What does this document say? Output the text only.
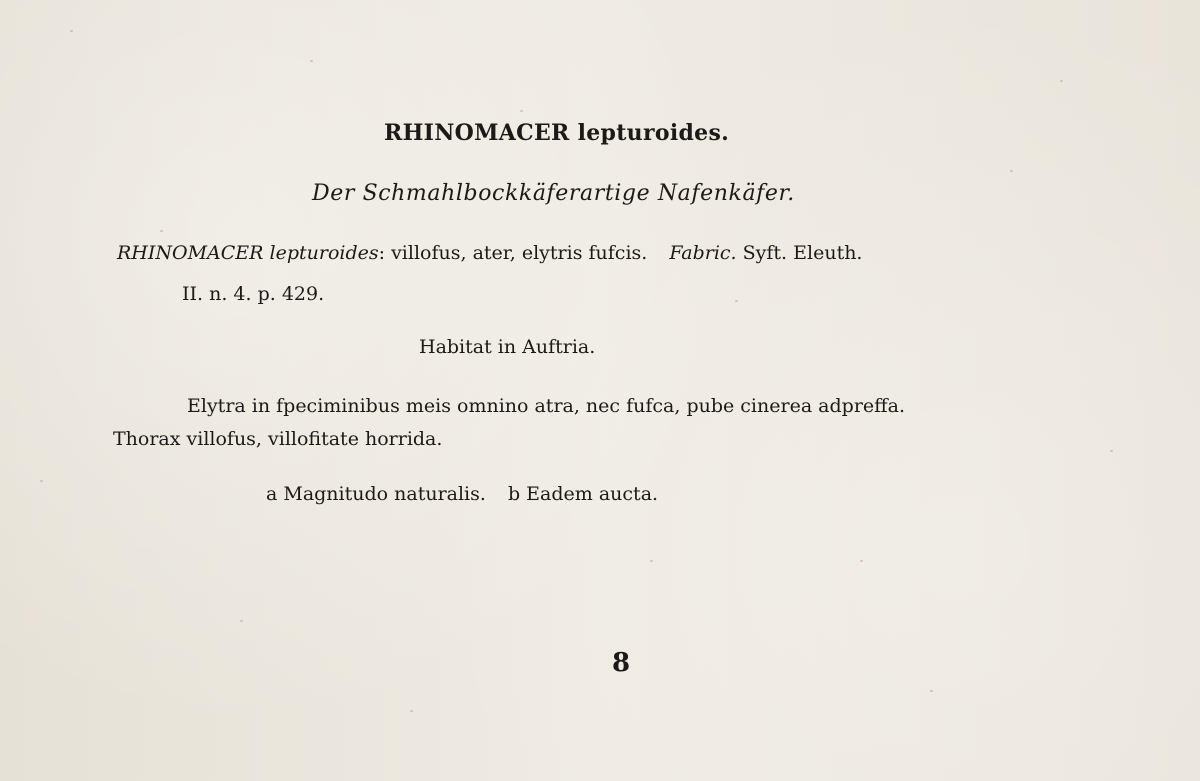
RHINOMACER lepturoides.
Der Schmahlbockkäferartige Nafenkäfer.
RHINOMACER lepturoides: villofus, ater, elytris fufcis. Fabric. Syft. Eleuth.
II. n. 4. p. 429.
Habitat in Auftria.
Elytra in fpeciminibus meis omnino atra, nec fufca, pube cinerea adpreffa.
Thorax villofus, villofitate horrida.
a Magnitudo naturalis. b Eadem aucta.
8
